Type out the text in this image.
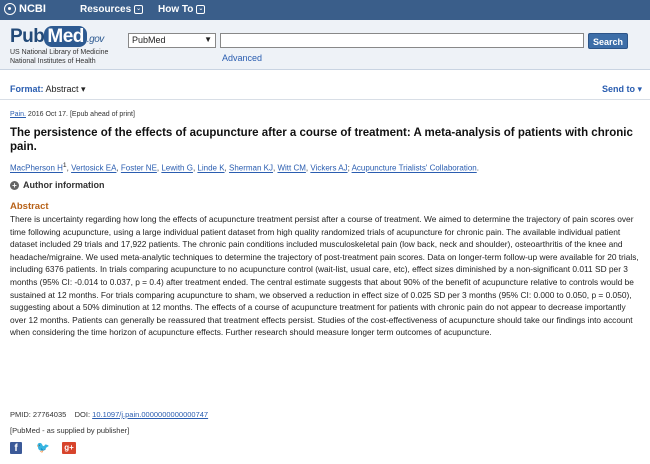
NCBI	Resources ⌄ How To ⌄
Pub Med .gov
US National Library of Medicine
National Institutes of Health
PubMed	▼	Search
Advanced
Format: Abstract ▾	Send to ▾
Pain. 2016 Oct 17. [Epub ahead of print]
The persistence of the effects of acupuncture after a course of treatment: A meta-analysis of patients with chronic pain.
MacPherson $H^1$, Vertosick EA, Foster NE, Lewith G, Linde K, Sherman KJ, Witt CM, Vickers AJ; Acupuncture Trialists' Collaboration.
+ Author information
Abstract
There is uncertainty regarding how long the effects of acupuncture treatment persist after a course of treatment. We aimed to determine the trajectory of pain scores over time following acupuncture, using a large individual patient dataset from high quality randomized trials of acupuncture for chronic pain. The available individual patient dataset included 29 trials and 17,922 patients. The chronic pain conditions included musculoskeletal pain (low back, neck and shoulder), osteoarthritis of the knee and headache/migraine. We used meta-analytic techniques to determine the trajectory of post-treatment pain scores. Data on longer-term follow-up were available for 20 trials, including 6376 patients. In trials comparing acupuncture to no acupuncture control (wait-list, usual care, etc), effect sizes diminished by a non-significant 0.011 SD per 3 months (95% CI: -0.014 to 0.037, p = 0.4) after treatment ended. The central estimate suggests that about 90% of the benefit of acupuncture relative to controls would be sustained at 12 months. For trials comparing acupuncture to sham, we observed a reduction in effect size of 0.025 SD per 3 months (95% CI: 0.000 to 0.050, p = 0.050), suggesting about a 50% diminution at 12 months. The effects of a course of acupuncture treatment for patients with chronic pain do not appear to decrease importantly over 12 months. Patients can generally be reassured that treatment effects persist. Studies of the cost-effectiveness of acupuncture should take our findings into account when considering the time horizon of acupuncture effects. Further research should measure longer term outcomes of acupuncture.
PMID: 27764035 DOI: 10.1097/j.pain.0000000000000747
[PubMed - as supplied by publisher]
f	🐦 g+
